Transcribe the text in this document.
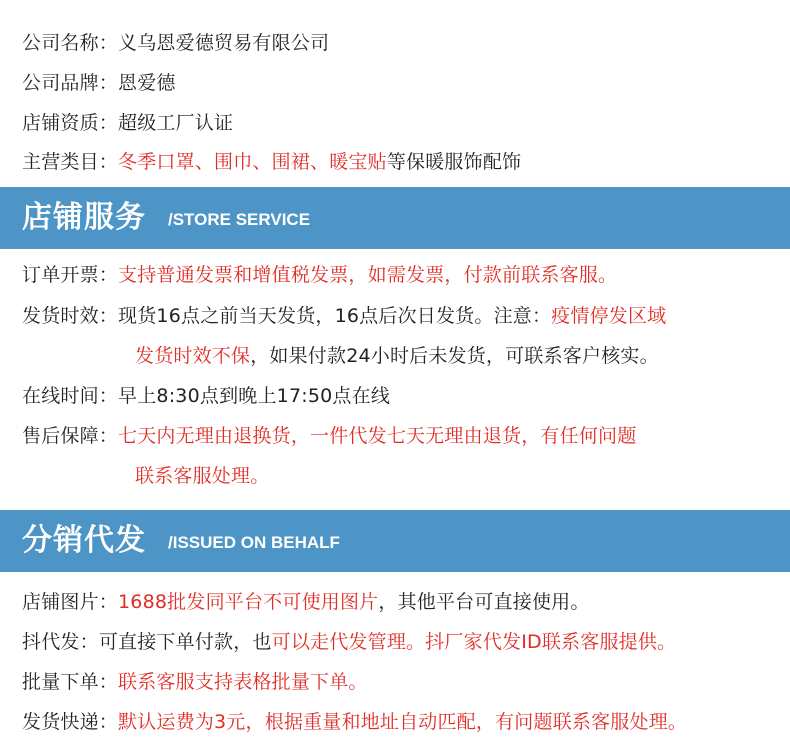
公司名称：义乌恩爱德贸易有限公司
公司品牌：恩爱德
店铺资质：超级工厂认证
主营类目：冬季口罩、围巾、围裙、暖宝贴等保暖服饰配饰
店铺服务 /STORE SERVICE
订单开票：支持普通发票和增值税发票，如需发票，付款前联系客服。
发货时效：现货16点之前当天发货，16点后次日发货。注意：疫情停发区域
发货时效不保，如果付款24小时后未发货，可联系客户核实。
在线时间：早上8:30点到晚上17:50点在线
售后保障：七天内无理由退换货，一件代发七天无理由退货，有任何问题
联系客服处理。
分销代发 /ISSUED ON BEHALF
店铺图片：1688批发同平台不可使用图片，其他平台可直接使用。
抖代发：可直接下单付款，也可以走代发管理。抖厂家代发ID联系客服提供。
批量下单：联系客服支持表格批量下单。
发货快递：默认运费为3元，根据重量和地址自动匹配，有问题联系客服处理。
